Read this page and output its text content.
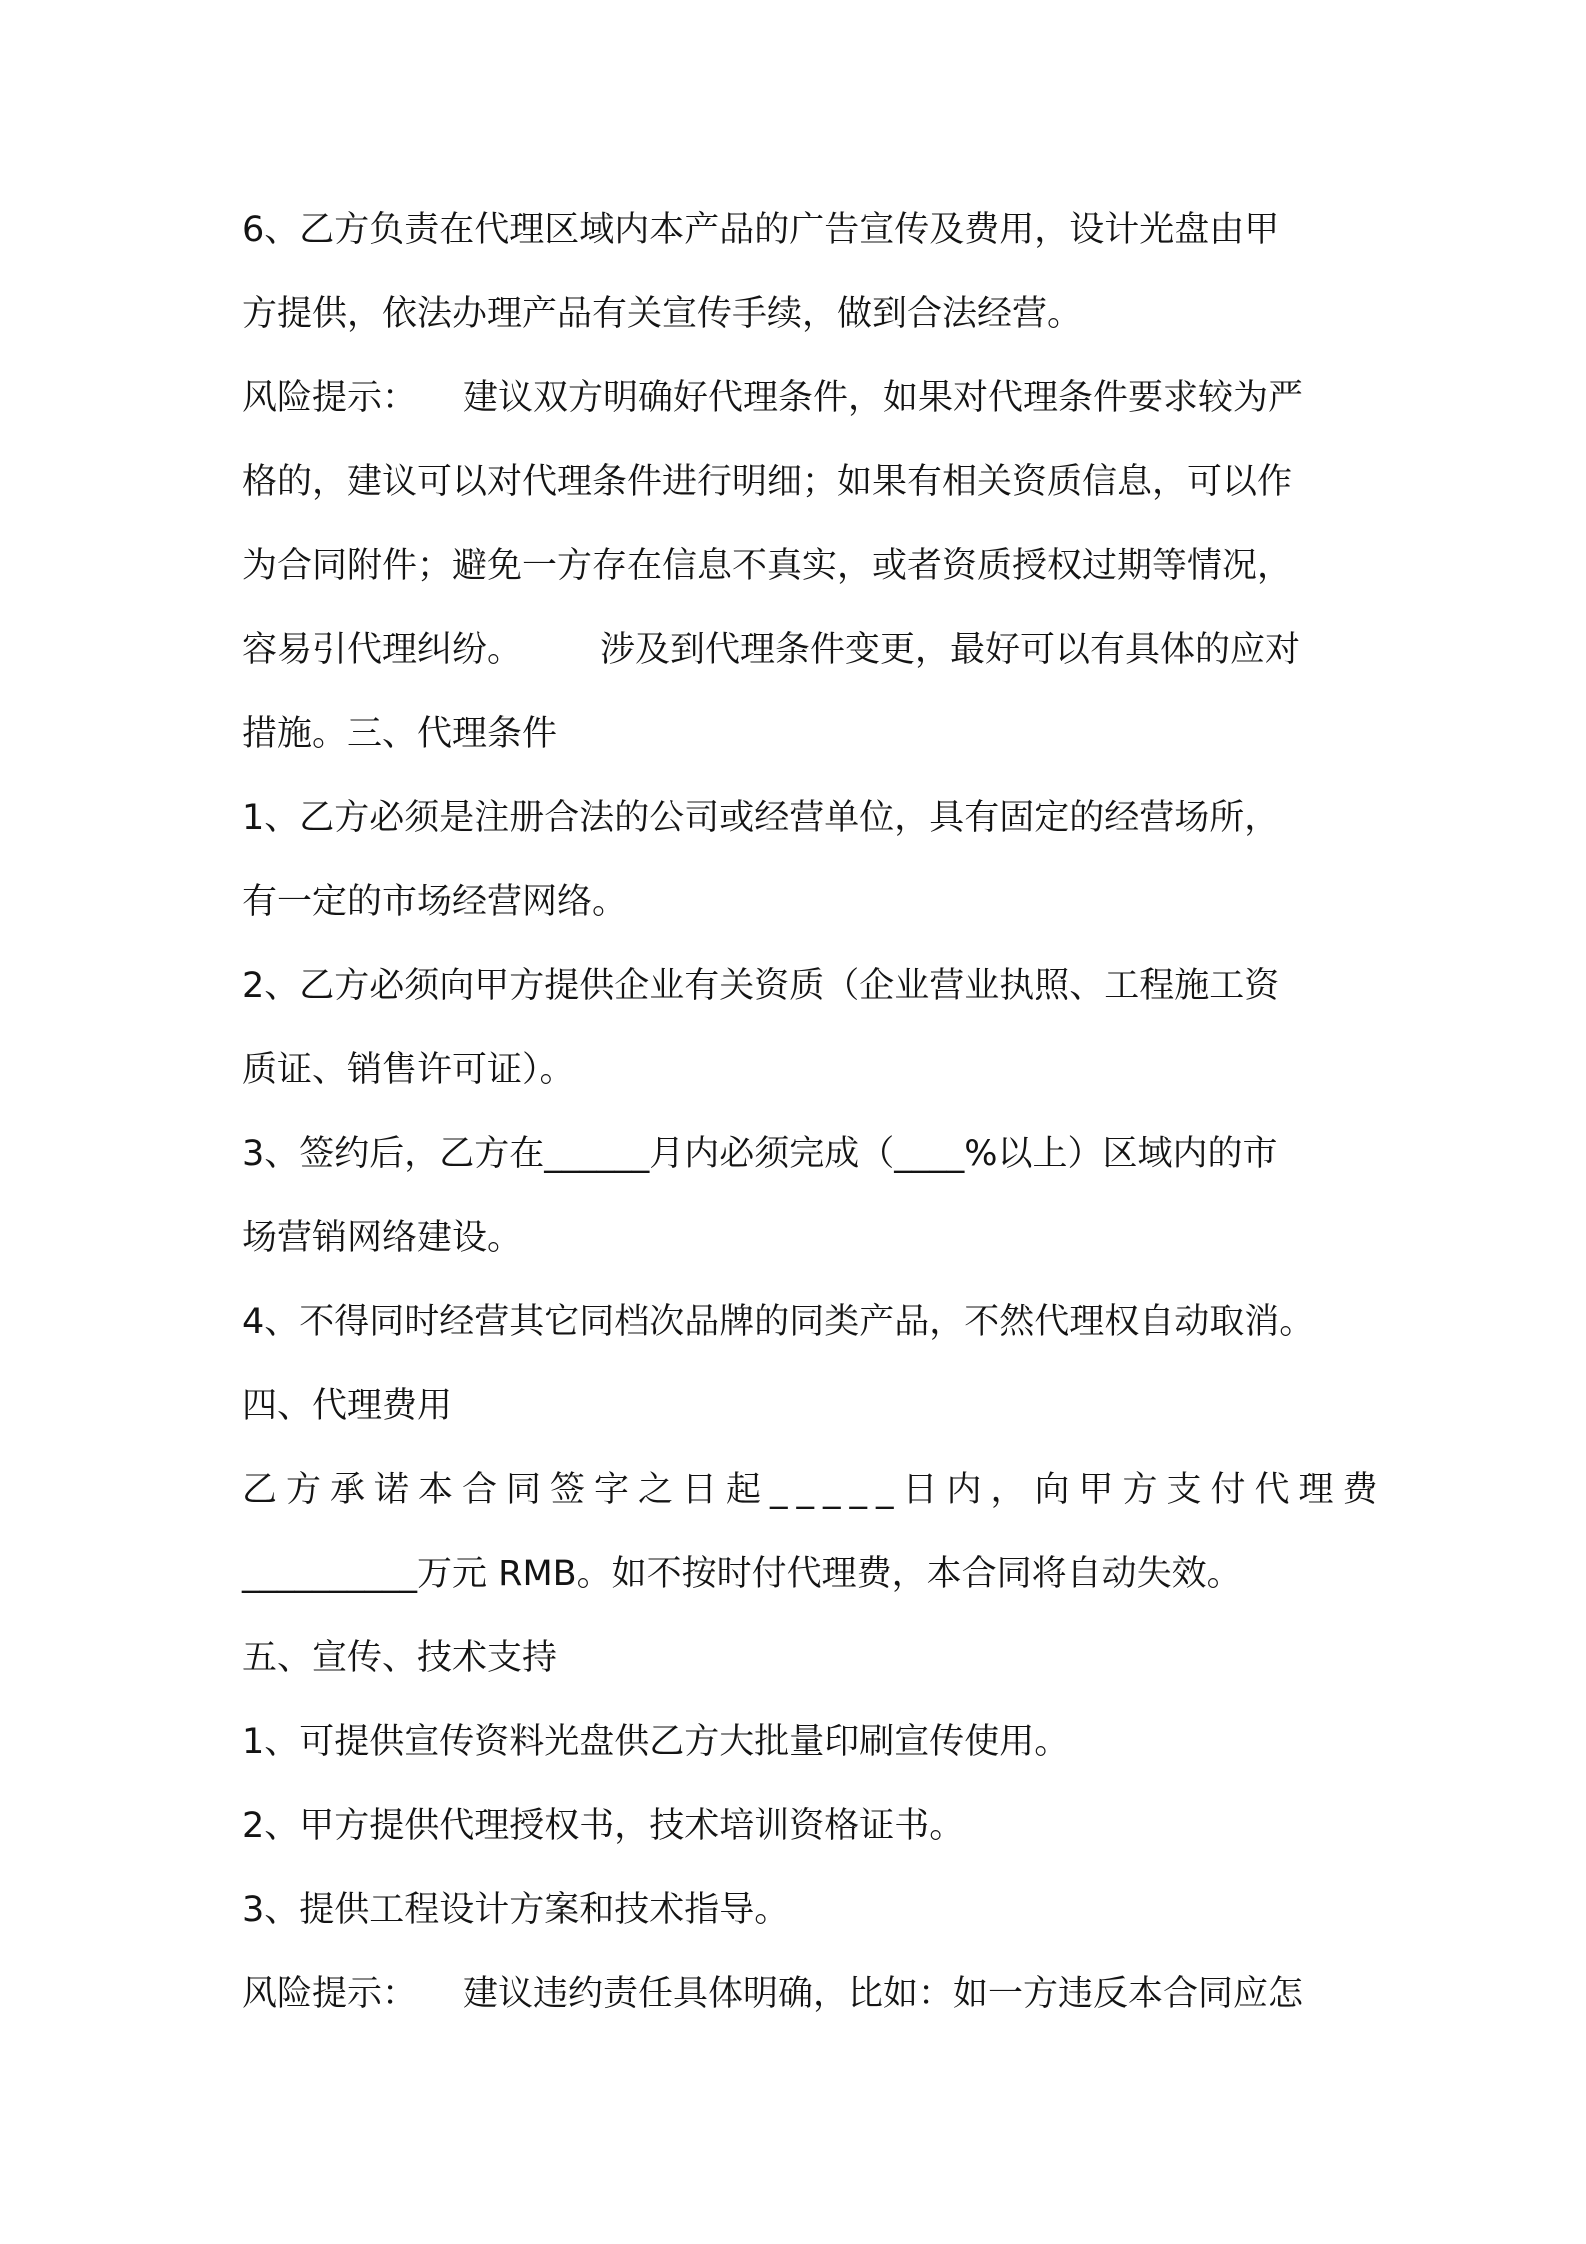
6、乙方负责在代理区域内本产品的广告宣传及费用，设计光盘由甲

方提供，依法办理产品有关宣传手续，做到合法经营。

风险提示： 建议双方明确好代理条件，如果对代理条件要求较为严

格的，建议可以对代理条件进行明细；如果有相关资质信息，可以作

为合同附件；避免一方存在信息不真实，或者资质授权过期等情况，

容易引代理纠纷。 涉及到代理条件变更，最好可以有具体的应对

措施。三、代理条件

1、乙方必须是注册合法的公司或经营单位，具有固定的经营场所，

有一定的市场经营网络。

2、乙方必须向甲方提供企业有关资质（企业营业执照、工程施工资

质证、销售许可证）。

3、签约后，乙方在______月内必须完成（____%以上）区域内的市

场营销网络建设。

4、不得同时经营其它同档次品牌的同类产品，不然代理权自动取消。

四、代理费用

乙方承诺本合同签字之日起_____日内，向甲方支付代理费

__________万元 RMB。如不按时付代理费，本合同将自动失效。

五、宣传、技术支持

1、可提供宣传资料光盘供乙方大批量印刷宣传使用。

2、甲方提供代理授权书，技术培训资格证书。

3、提供工程设计方案和技术指导。

风险提示： 建议违约责任具体明确，比如：如一方违反本合同应怎
